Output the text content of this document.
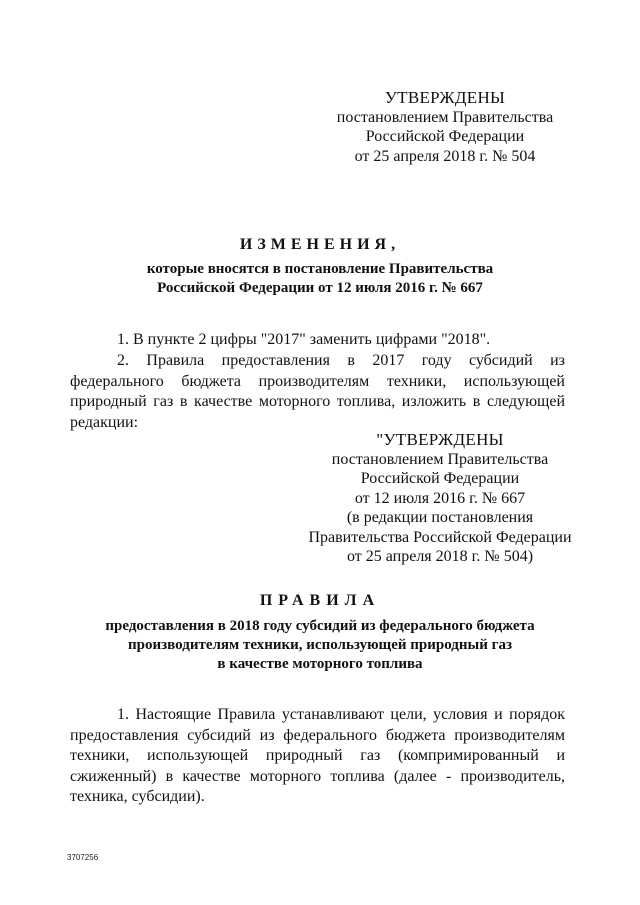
УТВЕРЖДЕНЫ
постановлением Правительства
Российской Федерации
от 25 апреля 2018 г. № 504
ИЗМЕНЕНИЯ,
которые вносятся в постановление Правительства
Российской Федерации от 12 июля 2016 г. № 667

1. В пункте 2 цифры "2017" заменить цифрами "2018".

2. Правила предоставления в 2017 году субсидий из федерального бюджета производителям техники, использующей природный газ в качестве моторного топлива, изложить в следующей редакции:

"УТВЕРЖДЕНЫ
постановлением Правительства
Российской Федерации
от 12 июля 2016 г. № 667
(в редакции постановления
Правительства Российской Федерации
от 25 апреля 2018 г. № 504)
ПРАВИЛА
предоставления в 2018 году субсидий из федерального бюджета
производителям техники, использующей природный газ
в качестве моторного топлива

1. Настоящие Правила устанавливают цели, условия и порядок предоставления субсидий из федерального бюджета производителям техники, использующей природный газ (компримированный и сжиженный) в качестве моторного топлива (далее - производитель, техника, субсидии).

3707256
